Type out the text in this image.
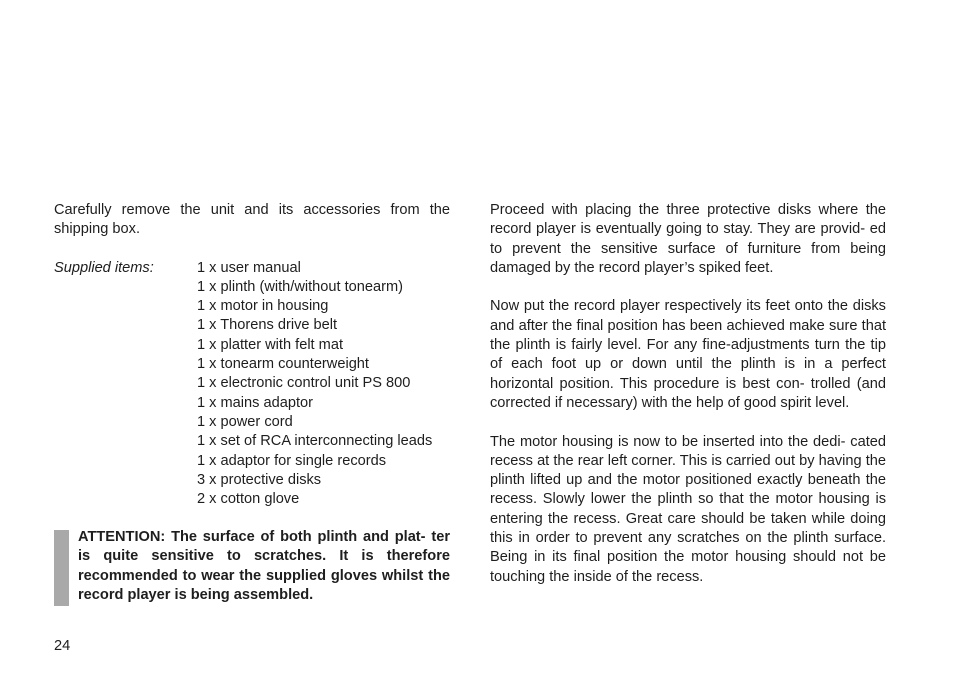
Carefully remove the unit and its accessories from the shipping box.

Supplied items:	1 x user manual
1 x plinth (with/without tonearm)
1 x motor in housing
1 x Thorens drive belt
1 x platter with felt mat
1 x tonearm counterweight
1 x electronic control unit PS 800
1 x mains adaptor
1 x power cord
1 x set of RCA interconnecting leads
1 x adaptor for single records
3 x protective disks
2 x cotton glove

ATTENTION: The surface of both plinth and plat- ter is quite sensitive to scratches. It is therefore recommended to wear the supplied gloves whilst the record player is being assembled.

Proceed with placing the three protective disks where the record player is eventually going to stay. They are provid- ed to prevent the sensitive surface of furniture from being damaged by the record player’s spiked feet.

Now put the record player respectively its feet onto the disks and after the final position has been achieved make sure that the plinth is fairly level. For any fine-adjustments turn the tip of each foot up or down until the plinth is in a perfect horizontal position. This procedure is best con- trolled (and corrected if necessary) with the help of good spirit level.

The motor housing is now to be inserted into the dedi- cated recess at the rear left corner. This is carried out by having the plinth lifted up and the motor positioned exactly beneath the recess. Slowly lower the plinth so that the motor housing is entering the recess. Great care should be taken while doing this in order to prevent any scratches on the plinth surface. Being in its final position the motor housing should not be touching the inside of the recess.

24
